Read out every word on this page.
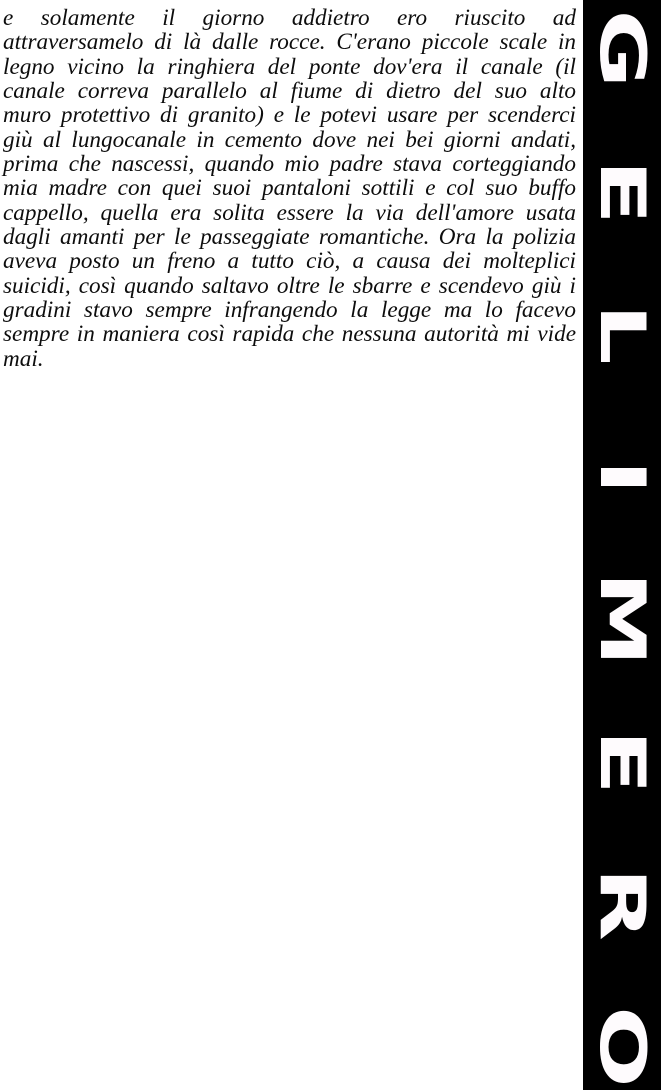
e solamente il giorno addietro ero riuscito ad
attraversamelo di là dalle rocce. C'erano piccole scale in
legno vicino la ringhiera del ponte dov'era il canale (il
canale correva parallelo al fiume di dietro del suo alto
muro protettivo di granito) e le potevi usare per scenderci
giù al lungocanale in cemento dove nei bei giorni andati,
prima che nascessi, quando mio padre stava corteggiando
mia madre con quei suoi pantaloni sottili e col suo buffo
cappello, quella era solita essere la via dell'amore usata
dagli amanti per le passeggiate romantiche. Ora la polizia
aveva posto un freno a tutto ciò, a causa dei molteplici
suicidi, così quando saltavo oltre le sbarre e scendevo giù i
gradini stavo sempre infrangendo la legge ma lo facevo
sempre in maniera così rapida che nessuna autorità mi vide
mai.
G
E
L
I
M
E
R
O
